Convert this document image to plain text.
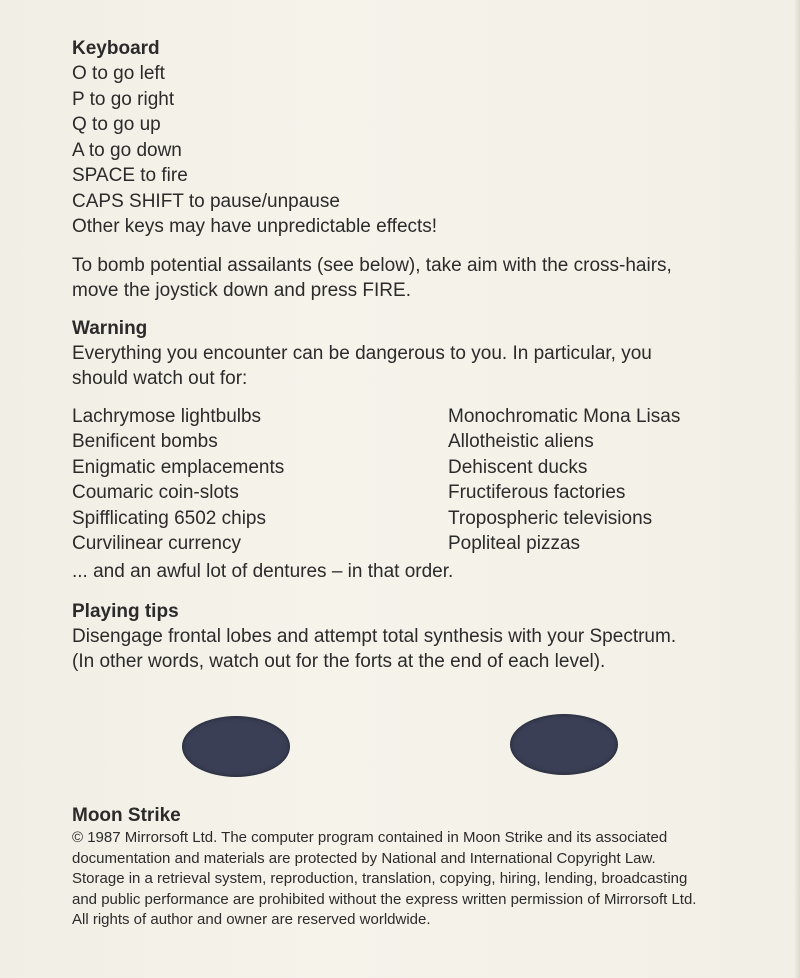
Keyboard

O to go left

P to go right

Q to go up

A to go down

SPACE to fire

CAPS SHIFT to pause/unpause

Other keys may have unpredictable effects!

To bomb potential assailants (see below), take aim with the cross-hairs,

move the joystick down and press FIRE.

Warning

Everything you encounter can be dangerous to you. In particular, you

should watch out for:

Lachrymose lightbulbs

Benificent bombs

Enigmatic emplacements

Coumaric coin-slots

Spifflicating 6502 chips

Curvilinear currency

Monochromatic Mona Lisas

Allotheistic aliens

Dehiscent ducks

Fructiferous factories

Tropospheric televisions

Popliteal pizzas

... and an awful lot of dentures – in that order.

Playing tips

Disengage frontal lobes and attempt total synthesis with your Spectrum.

(In other words, watch out for the forts at the end of each level).

Moon Strike

© 1987 Mirrorsoft Ltd. The computer program contained in Moon Strike and its associated

documentation and materials are protected by National and International Copyright Law.

Storage in a retrieval system, reproduction, translation, copying, hiring, lending, broadcasting

and public performance are prohibited without the express written permission of Mirrorsoft Ltd.

All rights of author and owner are reserved worldwide.
